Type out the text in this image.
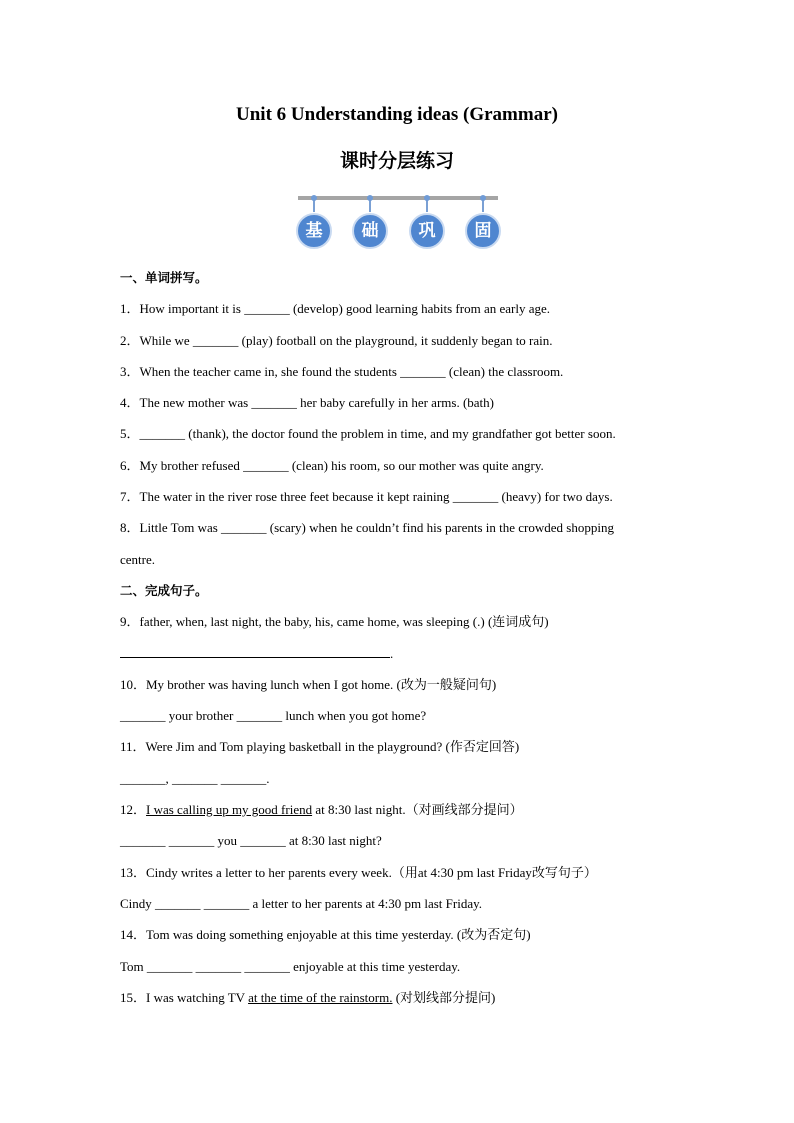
Unit 6 Understanding ideas (Grammar)
课时分层练习
基	础	巩	固
一、单词拼写。
1．How important it is _______ (develop) good learning habits from an early age.
2．While we _______ (play) football on the playground, it suddenly began to rain.
3．When the teacher came in, she found the students _______ (clean) the classroom.
4．The new mother was _______ her baby carefully in her arms. (bath)
5．_______ (thank), the doctor found the problem in time, and my grandfather got better soon.
6．My brother refused _______ (clean) his room, so our mother was quite angry.
7．The water in the river rose three feet because it kept raining _______ (heavy) for two days.
8．Little Tom was _______ (scary) when he couldn’t find his parents in the crowded shopping
centre.
二、完成句子。
9．father, when, last night, the baby, his, came home, was sleeping (.) (连词成句)
.
10．My brother was having lunch when I got home. (改为一般疑问句)
_______ your brother _______ lunch when you got home?
11．Were Jim and Tom playing basketball in the playground? (作否定回答)
_______, _______ _______.
12．I was calling up my good friend at 8:30 last night.（对画线部分提问）
_______ _______ you _______ at 8:30 last night?
13．Cindy writes a letter to her parents every week.（用at 4:30 pm last Friday改写句子）
Cindy _______ _______ a letter to her parents at 4:30 pm last Friday.
14．Tom was doing something enjoyable at this time yesterday. (改为否定句)
Tom _______ _______ _______ enjoyable at this time yesterday.
15．I was watching TV at the time of the rainstorm. (对划线部分提问)
